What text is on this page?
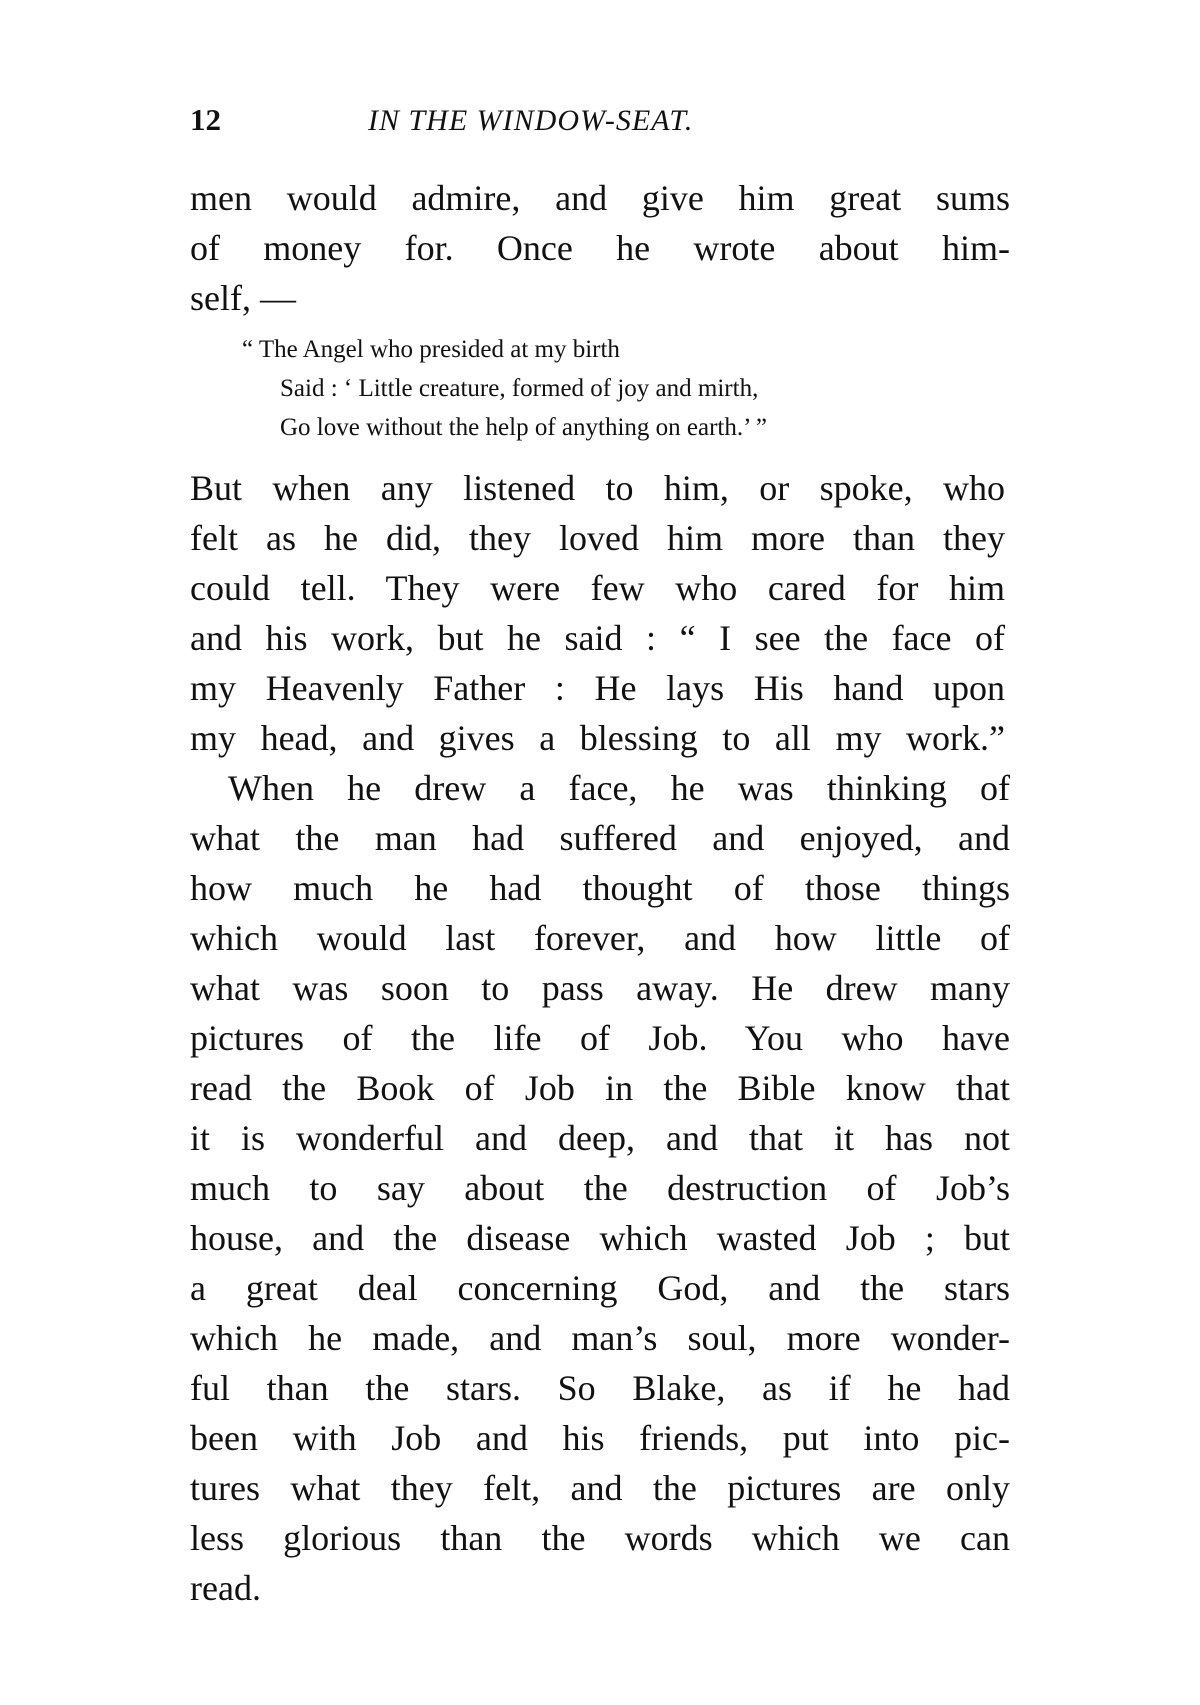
12	IN THE WINDOW-SEAT.
men would admire, and give him great sums
of money for. Once he wrote about him-
self, —
“ The Angel who presided at my birth
Said : ‘ Little creature, formed of joy and mirth,
Go love without the help of anything on earth.’ ”
But when any listened to him, or spoke, who
felt as he did, they loved him more than they
could tell. They were few who cared for him
and his work, but he said : “ I see the face of
my Heavenly Father : He lays His hand upon
my head, and gives a blessing to all my work.”
When he drew a face, he was thinking of
what the man had suffered and enjoyed, and
how much he had thought of those things
which would last forever, and how little of
what was soon to pass away. He drew many
pictures of the life of Job. You who have
read the Book of Job in the Bible know that
it is wonderful and deep, and that it has not
much to say about the destruction of Job’s
house, and the disease which wasted Job ; but
a great deal concerning God, and the stars
which he made, and man’s soul, more wonder-
ful than the stars. So Blake, as if he had
been with Job and his friends, put into pic-
tures what they felt, and the pictures are only
less glorious than the words which we can
read.
